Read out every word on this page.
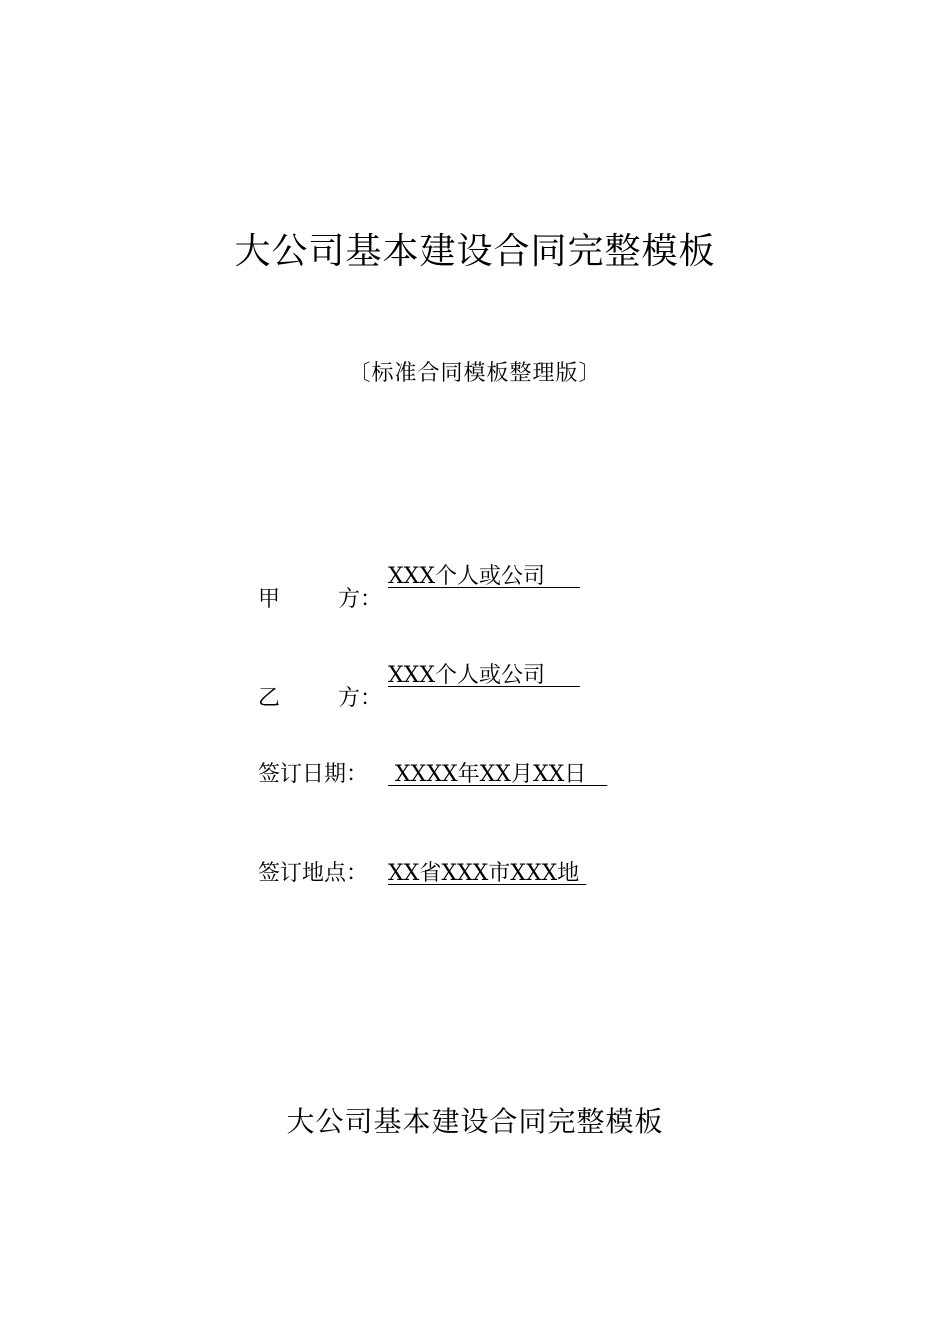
大公司基本建设合同完整模板
〔标准合同模板整理版〕
甲	方：
XXX个人或公司
乙	方：
XXX个人或公司
签订日期： XXXX年XX月XX日
签订地点： XX省XXX市XXX地
大公司基本建设合同完整模板
